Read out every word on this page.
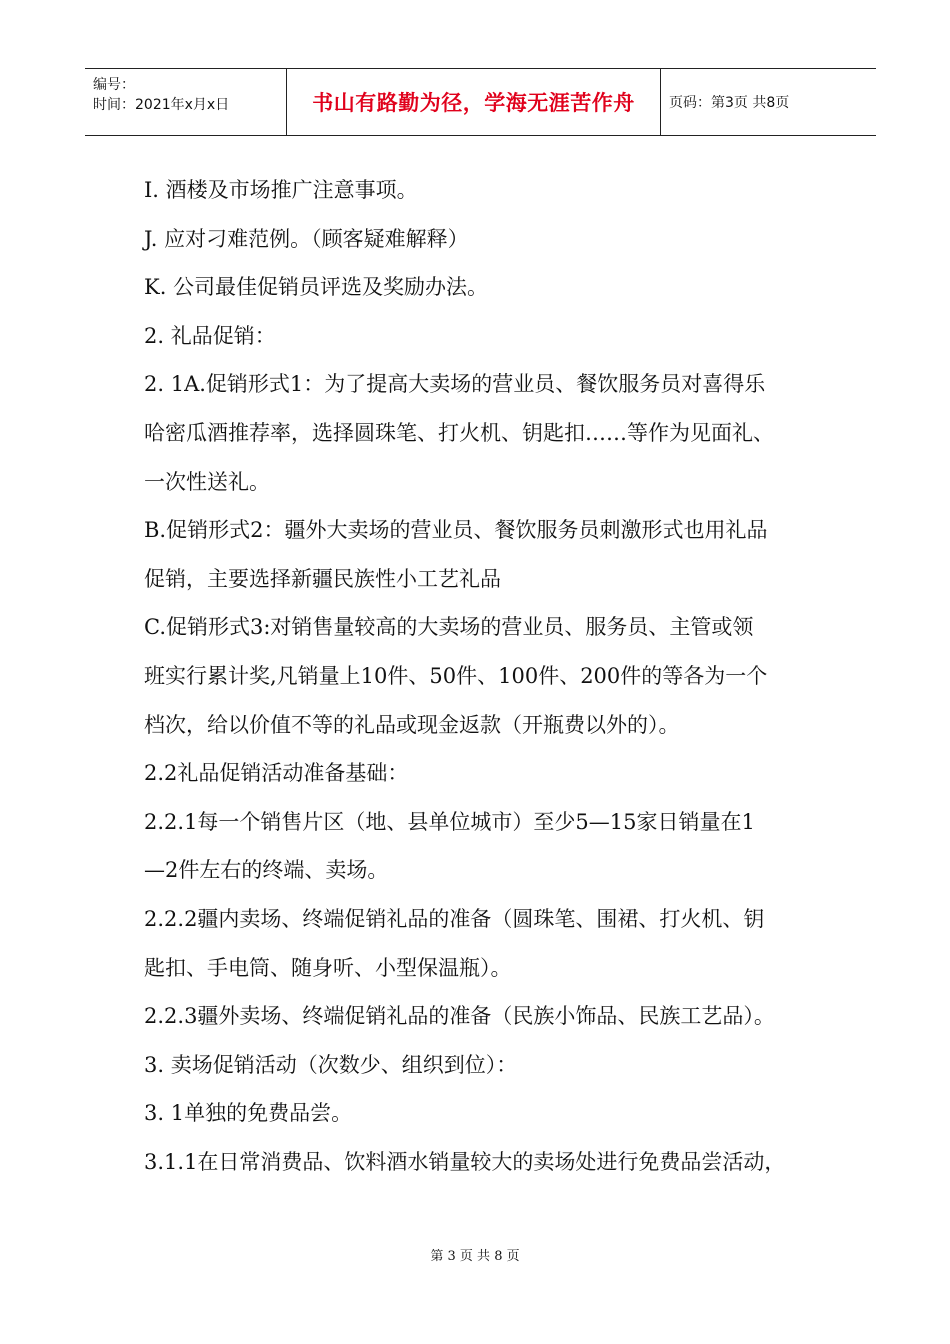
编号：
时间：2021年x月x日	书山有路勤为径，学海无涯苦作舟	页码：第3页 共8页

I. 酒楼及市场推广注意事项。

J. 应对刁难范例。（顾客疑难解释）

K. 公司最佳促销员评选及奖励办法。

2. 礼品促销：

2. 1A.促销形式1：为了提高大卖场的营业员、餐饮服务员对喜得乐

哈密瓜酒推荐率，选择圆珠笔、打火机、钥匙扣……等作为见面礼、

一次性送礼。

B.促销形式2：疆外大卖场的营业员、餐饮服务员刺激形式也用礼品

促销，主要选择新疆民族性小工艺礼品

C.促销形式3:对销售量较高的大卖场的营业员、服务员、主管或领

班实行累计奖,凡销量上10件、50件、100件、200件的等各为一个

档次，给以价值不等的礼品或现金返款（开瓶费以外的）。

2.2礼品促销活动准备基础：

2.2.1每一个销售片区（地、县单位城市）至少5—15家日销量在1

—2件左右的终端、卖场。

2.2.2疆内卖场、终端促销礼品的准备（圆珠笔、围裙、打火机、钥

匙扣、手电筒、随身听、小型保温瓶）。

2.2.3疆外卖场、终端促销礼品的准备（民族小饰品、民族工艺品）。

3. 卖场促销活动（次数少、组织到位）：

3. 1单独的免费品尝。

3.1.1在日常消费品、饮料酒水销量较大的卖场处进行免费品尝活动，

第 3 页 共 8 页
